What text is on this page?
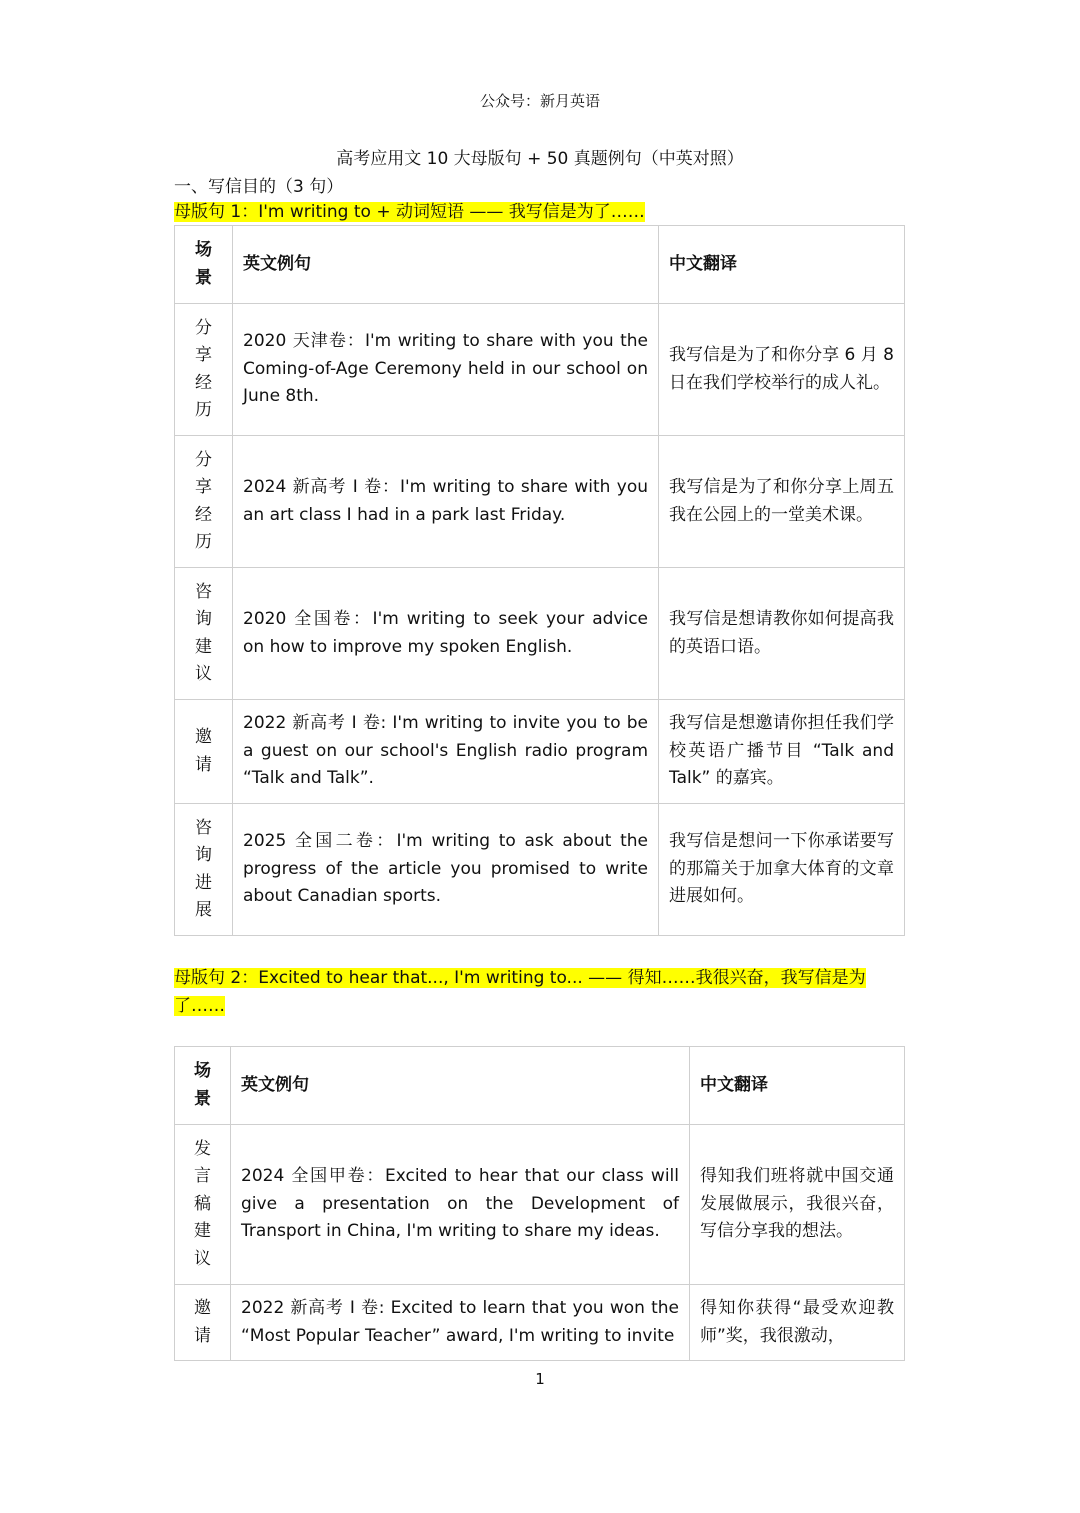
公众号：新月英语
高考应用文 10 大母版句 + 50 真题例句（中英对照）
一、写信目的（3 句）
母版句 1：I'm writing to + 动词短语 —— 我写信是为了……
场景	英文例句	中文翻译

分享经历	2020 天津卷：I'm writing to share with you the Coming-of-Age Ceremony held in our school on June 8th.	我写信是为了和你分享 6 月 8 日在我们学校举行的成人礼。

分享经历	2024 新高考 I 卷：I'm writing to share with you an art class I had in a park last Friday.	我写信是为了和你分享上周五我在公园上的一堂美术课。

咨询建议	2020 全国卷：I'm writing to seek your advice on how to improve my spoken English.	我写信是想请教你如何提高我的英语口语。

邀请	2022 新高考 I 卷: I'm writing to invite you to be a guest on our school's English radio program “Talk and Talk”.	我写信是想邀请你担任我们学校英语广播节目 “Talk and Talk” 的嘉宾。

咨询进展	2025 全国二卷：I'm writing to ask about the progress of the article you promised to write about Canadian sports.	我写信是想问一下你承诺要写的那篇关于加拿大体育的文章进展如何。
母版句 2：Excited to hear that..., I'm writing to... —— 得知……我很兴奋，我写信是为了……
场景	英文例句	中文翻译

发言稿建议	2024 全国甲卷：Excited to hear that our class will give a presentation on the Development of Transport in China, I'm writing to share my ideas.	得知我们班将就中国交通发展做展示，我很兴奋，写信分享我的想法。

邀请	2022 新高考 I 卷: Excited to learn that you won the “Most Popular Teacher” award, I'm writing to invite	得知你获得“最受欢迎教师”奖，我很激动，
1
